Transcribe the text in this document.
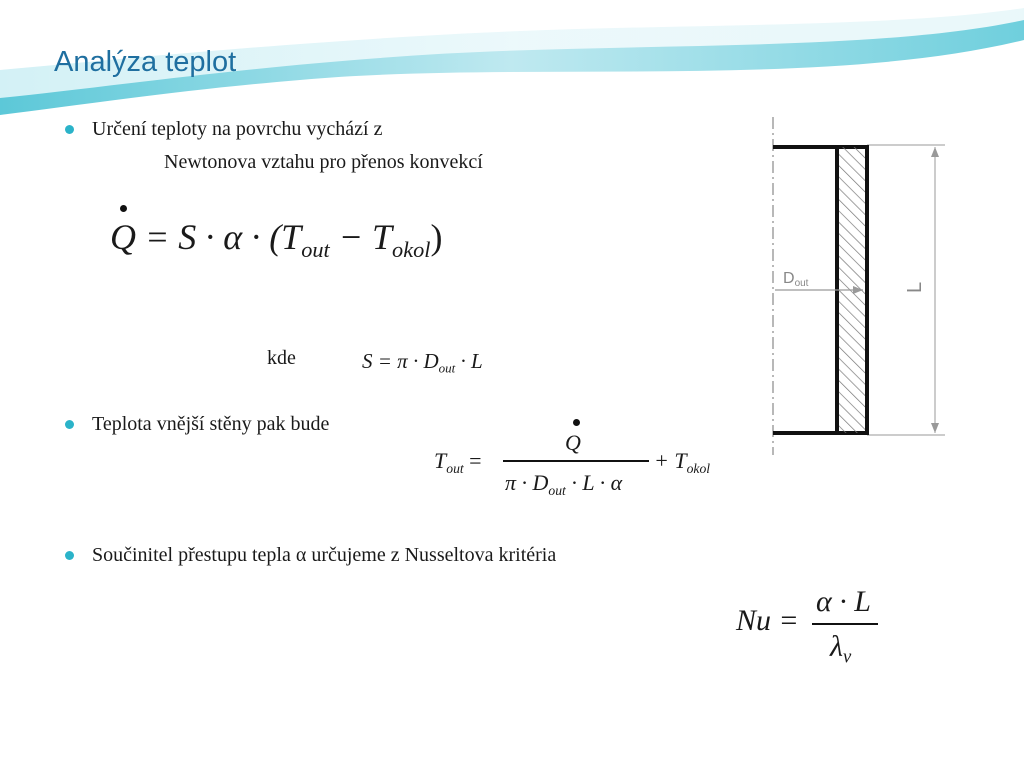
Analýza teplot
Určení teploty na povrchu vychází z
Newtonova vztahu pro přenos konvekcí
$Q = S \cdot \alpha \cdot (T_{out} - T_{okol})$
kde	$S = \pi \cdot D_{out} \cdot L$
Teplota vnější stěny pak bude
$T_{out}$ =
Q
$\pi \cdot D_{out} \cdot L \cdot \alpha$
+ $T_{okol}$
Součinitel přestupu tepla α určujeme z Nusseltova kritéria
Nu =
α · L
$\lambda_v$
Dout	L
